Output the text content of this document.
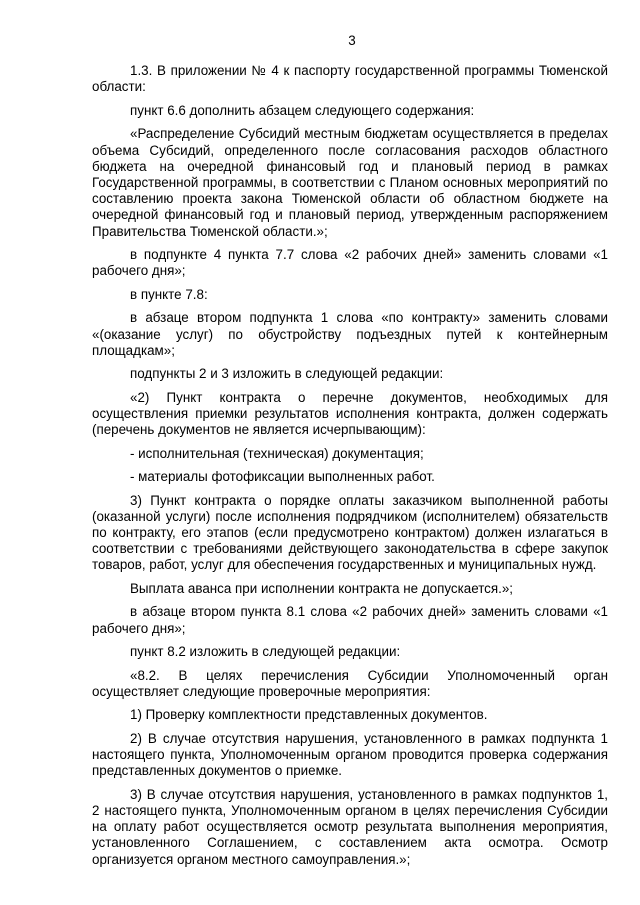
3

1.3. В приложении № 4 к паспорту государственной программы Тюменской области:

пункт 6.6 дополнить абзацем следующего содержания:

«Распределение Субсидий местным бюджетам осуществляется в пределах объема Субсидий, определенного после согласования расходов областного бюджета на очередной финансовый год и плановый период в рамках Государственной программы, в соответствии с Планом основных мероприятий по составлению проекта закона Тюменской области об областном бюджете на очередной финансовый год и плановый период, утвержденным распоряжением Правительства Тюменской области.»;

в подпункте 4 пункта 7.7 слова «2 рабочих дней» заменить словами «1 рабочего дня»;

в пункте 7.8:

в абзаце втором подпункта 1 слова «по контракту» заменить словами «(оказание услуг) по обустройству подъездных путей к контейнерным площадкам»;

подпункты 2 и 3 изложить в следующей редакции:

«2) Пункт контракта о перечне документов, необходимых для осуществления приемки результатов исполнения контракта, должен содержать (перечень документов не является исчерпывающим):

- исполнительная (техническая) документация;

- материалы фотофиксации выполненных работ.

3) Пункт контракта о порядке оплаты заказчиком выполненной работы (оказанной услуги) после исполнения подрядчиком (исполнителем) обязательств по контракту, его этапов (если предусмотрено контрактом) должен излагаться в соответствии с требованиями действующего законодательства в сфере закупок товаров, работ, услуг для обеспечения государственных и муниципальных нужд.

Выплата аванса при исполнении контракта не допускается.»;

в абзаце втором пункта 8.1 слова «2 рабочих дней» заменить словами «1 рабочего дня»;

пункт 8.2 изложить в следующей редакции:

«8.2. В целях перечисления Субсидии Уполномоченный орган осуществляет следующие проверочные мероприятия:

1) Проверку комплектности представленных документов.

2) В случае отсутствия нарушения, установленного в рамках подпункта 1 настоящего пункта, Уполномоченным органом проводится проверка содержания представленных документов о приемке.

3) В случае отсутствия нарушения, установленного в рамках подпунктов 1, 2 настоящего пункта, Уполномоченным органом в целях перечисления Субсидии на оплату работ осуществляется осмотр результата выполнения мероприятия, установленного Соглашением, с составлением акта осмотра. Осмотр организуется органом местного самоуправления.»;
